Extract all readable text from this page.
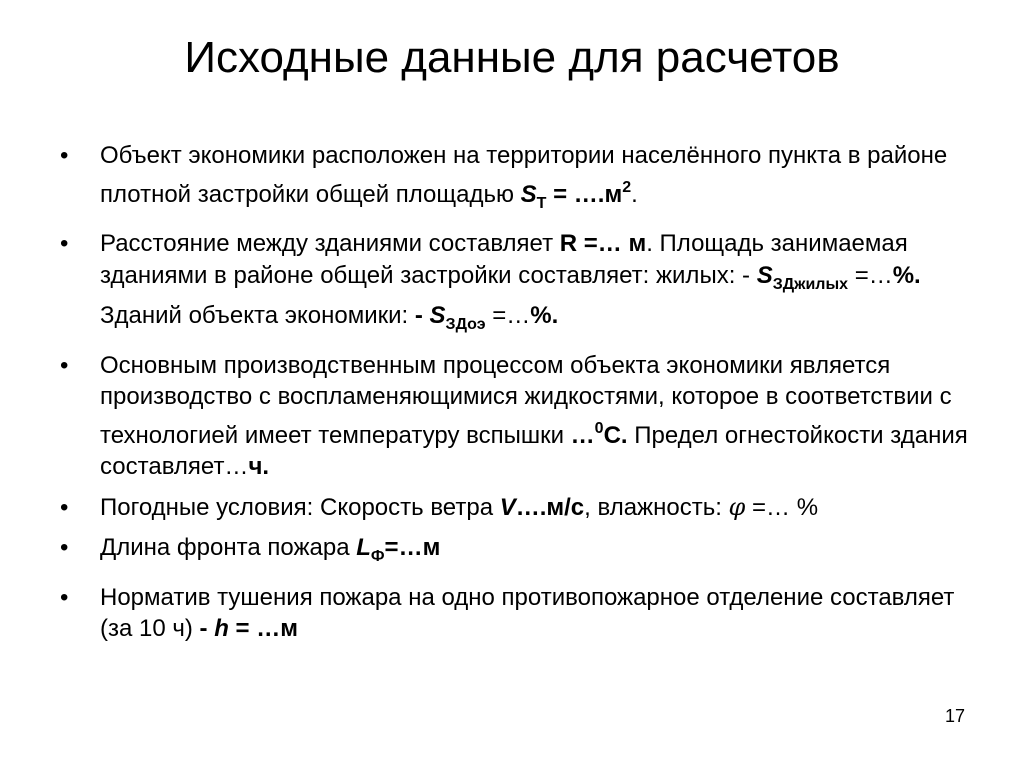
Исходные данные для расчетов
• Объект экономики расположен на территории населённого пункта в районе плотной застройки общей площадью $S_Т$ = $\dots.м^2$.
• Расстояние между зданиями составляет R =… м. Площадь занимаемая зданиями в районе общей застройки составляет: жилых: - $S_{ЗДжилых}$ =…%. Зданий объекта экономики: - $S_{ЗДоэ}$ =…%.
• Основным производственным процессом объекта экономики является производство с воспламеняющимися жидкостями, которое в соответствии с технологией имеет температуру вспышки …$^0$С. Предел огнестойкости здания составляет…ч.
• Погодные условия: Скорость ветра V….м/с, влажность: φ =… %
• Длина фронта пожара $L_Ф=\dots м$
• Норматив тушения пожара на одно противопожарное отделение составляет (за 10 ч) - h = …м
17
